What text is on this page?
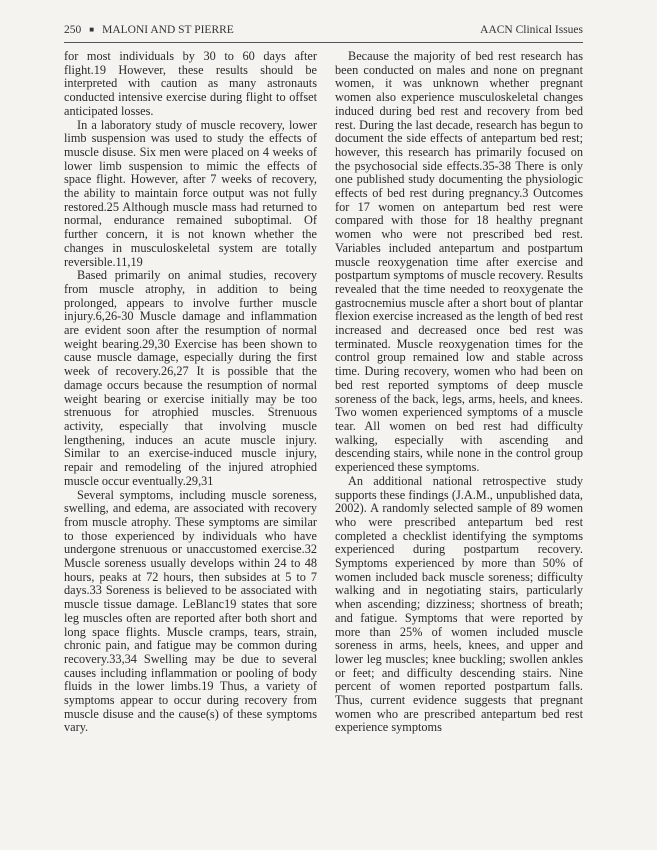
250 ■ MALONI AND ST PIERRE	AACN Clinical Issues

for most individuals by 30 to 60 days after flight.19 However, these results should be interpreted with caution as many astronauts conducted intensive exercise during flight to offset anticipated losses.

In a laboratory study of muscle recovery, lower limb suspension was used to study the effects of muscle disuse. Six men were placed on 4 weeks of lower limb suspension to mimic the effects of space flight. However, after 7 weeks of recovery, the ability to maintain force output was not fully restored.25 Although muscle mass had returned to normal, endurance remained suboptimal. Of further concern, it is not known whether the changes in musculoskeletal system are totally reversible.11,19

Based primarily on animal studies, recovery from muscle atrophy, in addition to being prolonged, appears to involve further muscle injury.6,26-30 Muscle damage and inflammation are evident soon after the resumption of normal weight bearing.29,30 Exercise has been shown to cause muscle damage, especially during the first week of recovery.26,27 It is possible that the damage occurs because the resumption of normal weight bearing or exercise initially may be too strenuous for atrophied muscles. Strenuous activity, especially that involving muscle lengthening, induces an acute muscle injury. Similar to an exercise-induced muscle injury, repair and remodeling of the injured atrophied muscle occur eventually.29,31

Several symptoms, including muscle soreness, swelling, and edema, are associated with recovery from muscle atrophy. These symptoms are similar to those experienced by individuals who have undergone strenuous or unaccustomed exercise.32 Muscle soreness usually develops within 24 to 48 hours, peaks at 72 hours, then subsides at 5 to 7 days.33 Soreness is believed to be associated with muscle tissue damage. LeBlanc19 states that sore leg muscles often are reported after both short and long space flights. Muscle cramps, tears, strain, chronic pain, and fatigue may be common during recovery.33,34 Swelling may be due to several causes including inflammation or pooling of body fluids in the lower limbs.19 Thus, a variety of symptoms appear to occur during recovery from muscle disuse and the cause(s) of these symptoms vary.

Because the majority of bed rest research has been conducted on males and none on pregnant women, it was unknown whether pregnant women also experience musculoskeletal changes induced during bed rest and recovery from bed rest. During the last decade, research has begun to document the side effects of antepartum bed rest; however, this research has primarily focused on the psychosocial side effects.35-38 There is only one published study documenting the physiologic effects of bed rest during pregnancy.3 Outcomes for 17 women on antepartum bed rest were compared with those for 18 healthy pregnant women who were not prescribed bed rest. Variables included antepartum and postpartum muscle reoxygenation time after exercise and postpartum symptoms of muscle recovery. Results revealed that the time needed to reoxygenate the gastrocnemius muscle after a short bout of plantar flexion exercise increased as the length of bed rest increased and decreased once bed rest was terminated. Muscle reoxygenation times for the control group remained low and stable across time. During recovery, women who had been on bed rest reported symptoms of deep muscle soreness of the back, legs, arms, heels, and knees. Two women experienced symptoms of a muscle tear. All women on bed rest had difficulty walking, especially with ascending and descending stairs, while none in the control group experienced these symptoms.

An additional national retrospective study supports these findings (J.A.M., unpublished data, 2002). A randomly selected sample of 89 women who were prescribed antepartum bed rest completed a checklist identifying the symptoms experienced during postpartum recovery. Symptoms experienced by more than 50% of women included back muscle soreness; difficulty walking and in negotiating stairs, particularly when ascending; dizziness; shortness of breath; and fatigue. Symptoms that were reported by more than 25% of women included muscle soreness in arms, heels, knees, and upper and lower leg muscles; knee buckling; swollen ankles or feet; and difficulty descending stairs. Nine percent of women reported postpartum falls. Thus, current evidence suggests that pregnant women who are prescribed antepartum bed rest experience symptoms
